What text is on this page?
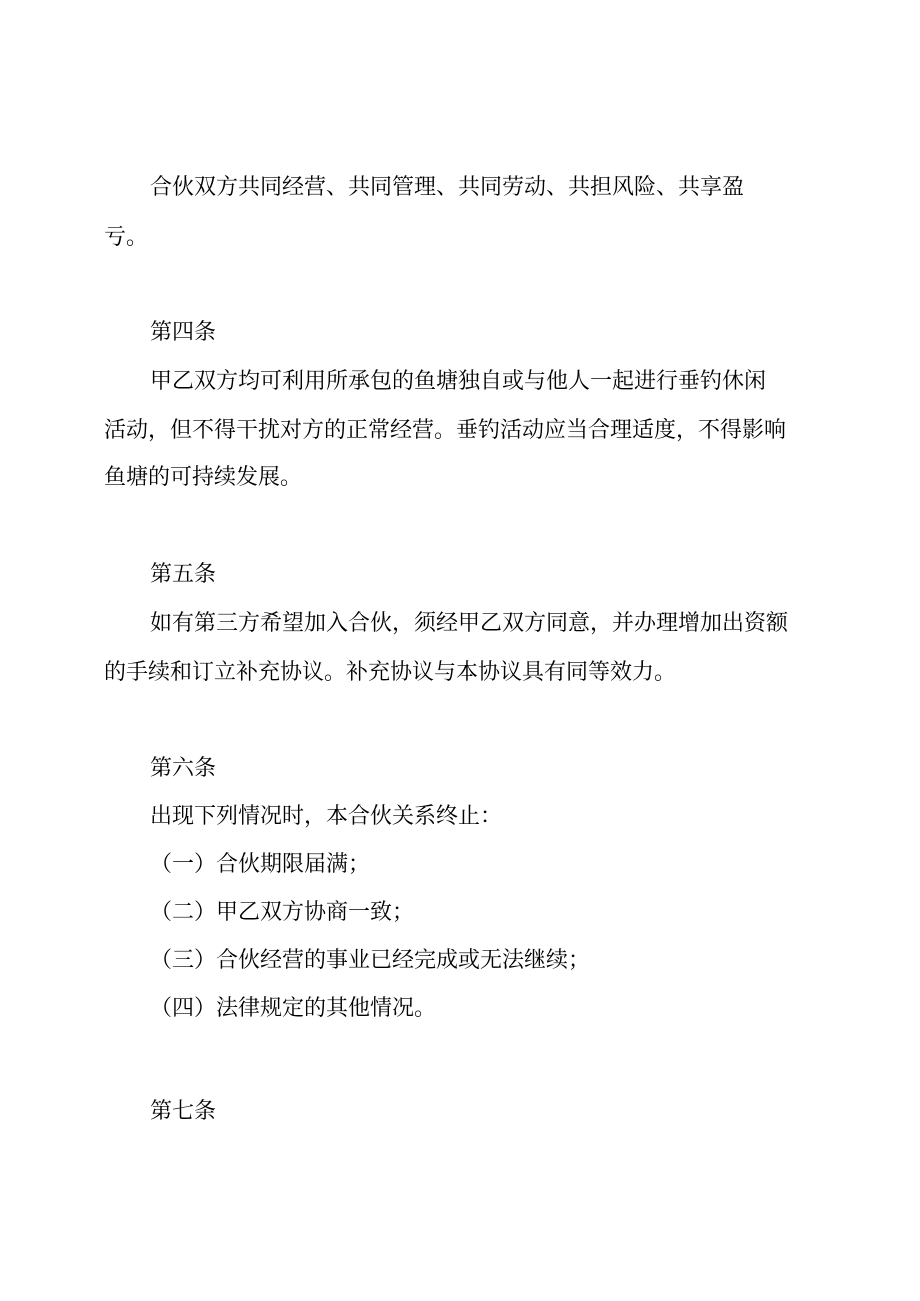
合伙双方共同经营、共同管理、共同劳动、共担风险、共享盈
亏。
第四条
甲乙双方均可利用所承包的鱼塘独自或与他人一起进行垂钓休闲
活动，但不得干扰对方的正常经营。垂钓活动应当合理适度，不得影响
鱼塘的可持续发展。
第五条
如有第三方希望加入合伙，须经甲乙双方同意，并办理增加出资额
的手续和订立补充协议。补充协议与本协议具有同等效力。
第六条
出现下列情况时，本合伙关系终止：
（一）合伙期限届满；
（二）甲乙双方协商一致；
（三）合伙经营的事业已经完成或无法继续；
（四）法律规定的其他情况。
第七条
